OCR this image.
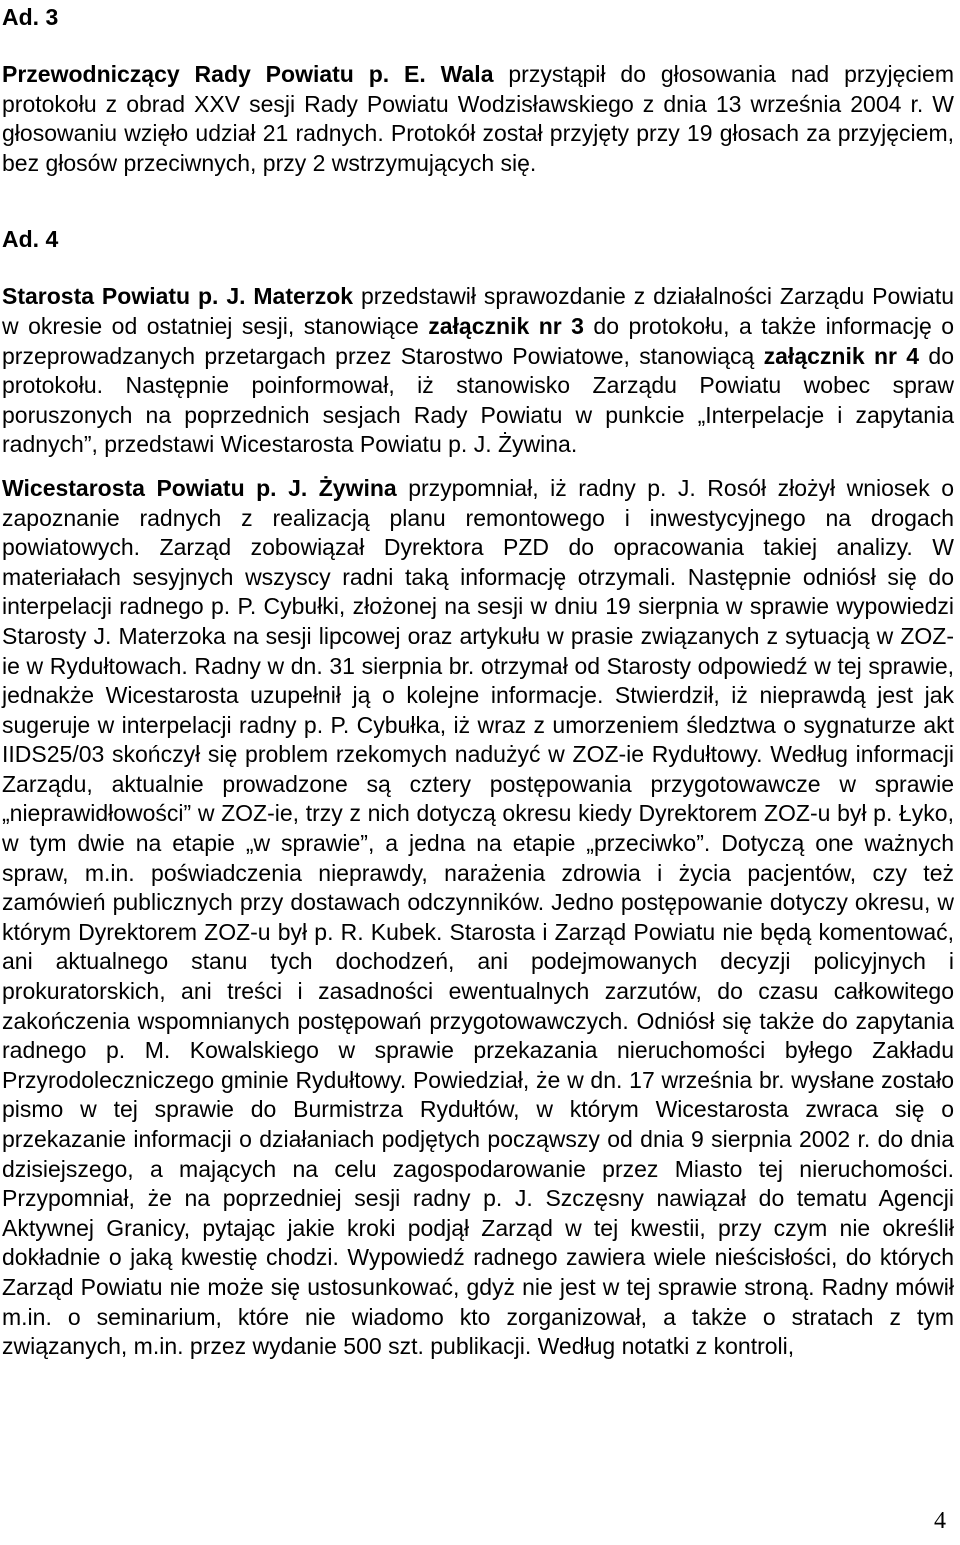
Ad. 3

Przewodniczący Rady Powiatu p. E. Wala przystąpił do głosowania nad przyjęciem protokołu z obrad XXV sesji Rady Powiatu Wodzisławskiego z dnia 13 września 2004 r. W głosowaniu wzięło udział 21 radnych. Protokół został przyjęty przy 19 głosach za przyjęciem, bez głosów przeciwnych, przy 2 wstrzymujących się.

Ad. 4

Starosta Powiatu p. J. Materzok przedstawił sprawozdanie z działalności Zarządu Powiatu w okresie od ostatniej sesji, stanowiące załącznik nr 3 do protokołu, a także informację o przeprowadzanych przetargach przez Starostwo Powiatowe, stanowiącą załącznik nr 4 do protokołu. Następnie poinformował, iż stanowisko Zarządu Powiatu wobec spraw poruszonych na poprzednich sesjach Rady Powiatu w punkcie „Interpelacje i zapytania radnych”, przedstawi Wicestarosta Powiatu p. J. Żywina.

Wicestarosta Powiatu p. J. Żywina przypomniał, iż radny p. J. Rosół złożył wniosek o zapoznanie radnych z realizacją planu remontowego i inwestycyjnego na drogach powiatowych. Zarząd zobowiązał Dyrektora PZD do opracowania takiej analizy. W materiałach sesyjnych wszyscy radni taką informację otrzymali. Następnie odniósł się do interpelacji radnego p. P. Cybułki, złożonej na sesji w dniu 19 sierpnia w sprawie wypowiedzi Starosty J. Materzoka na sesji lipcowej oraz artykułu w prasie związanych z sytuacją w ZOZ-ie w Rydułtowach. Radny w dn. 31 sierpnia br. otrzymał od Starosty odpowiedź w tej sprawie, jednakże Wicestarosta uzupełnił ją o kolejne informacje. Stwierdził, iż nieprawdą jest jak sugeruje w interpelacji radny p. P. Cybułka, iż wraz z umorzeniem śledztwa o sygnaturze akt IIDS25/03 skończył się problem rzekomych nadużyć w ZOZ-ie Rydułtowy. Według informacji Zarządu, aktualnie prowadzone są cztery postępowania przygotowawcze w sprawie „nieprawidłowości” w ZOZ-ie, trzy z nich dotyczą okresu kiedy Dyrektorem ZOZ-u był p. Łyko, w tym dwie na etapie „w sprawie”, a jedna na etapie „przeciwko”. Dotyczą one ważnych spraw, m.in. poświadczenia nieprawdy, narażenia zdrowia i życia pacjentów, czy też zamówień publicznych przy dostawach odczynników. Jedno postępowanie dotyczy okresu, w którym Dyrektorem ZOZ-u był p. R. Kubek. Starosta i Zarząd Powiatu nie będą komentować, ani aktualnego stanu tych dochodzeń, ani podejmowanych decyzji policyjnych i prokuratorskich, ani treści i zasadności ewentualnych zarzutów, do czasu całkowitego zakończenia wspomnianych postępowań przygotowawczych. Odniósł się także do zapytania radnego p. M. Kowalskiego w sprawie przekazania nieruchomości byłego Zakładu Przyrodoleczniczego gminie Rydułtowy. Powiedział, że w dn. 17 września br. wysłane zostało pismo w tej sprawie do Burmistrza Rydułtów, w którym Wicestarosta zwraca się o przekazanie informacji o działaniach podjętych począwszy od dnia 9 sierpnia 2002 r. do dnia dzisiejszego, a mających na celu zagospodarowanie przez Miasto tej nieruchomości. Przypomniał, że na poprzedniej sesji radny p. J. Szczęsny nawiązał do tematu Agencji Aktywnej Granicy, pytając jakie kroki podjął Zarząd w tej kwestii, przy czym nie określił dokładnie o jaką kwestię chodzi. Wypowiedź radnego zawiera wiele nieścisłości, do których Zarząd Powiatu nie może się ustosunkować, gdyż nie jest w tej sprawie stroną. Radny mówił m.in. o seminarium, które nie wiadomo kto zorganizował, a także o stratach z tym związanych, m.in. przez wydanie 500 szt. publikacji. Według notatki z kontroli,

4
